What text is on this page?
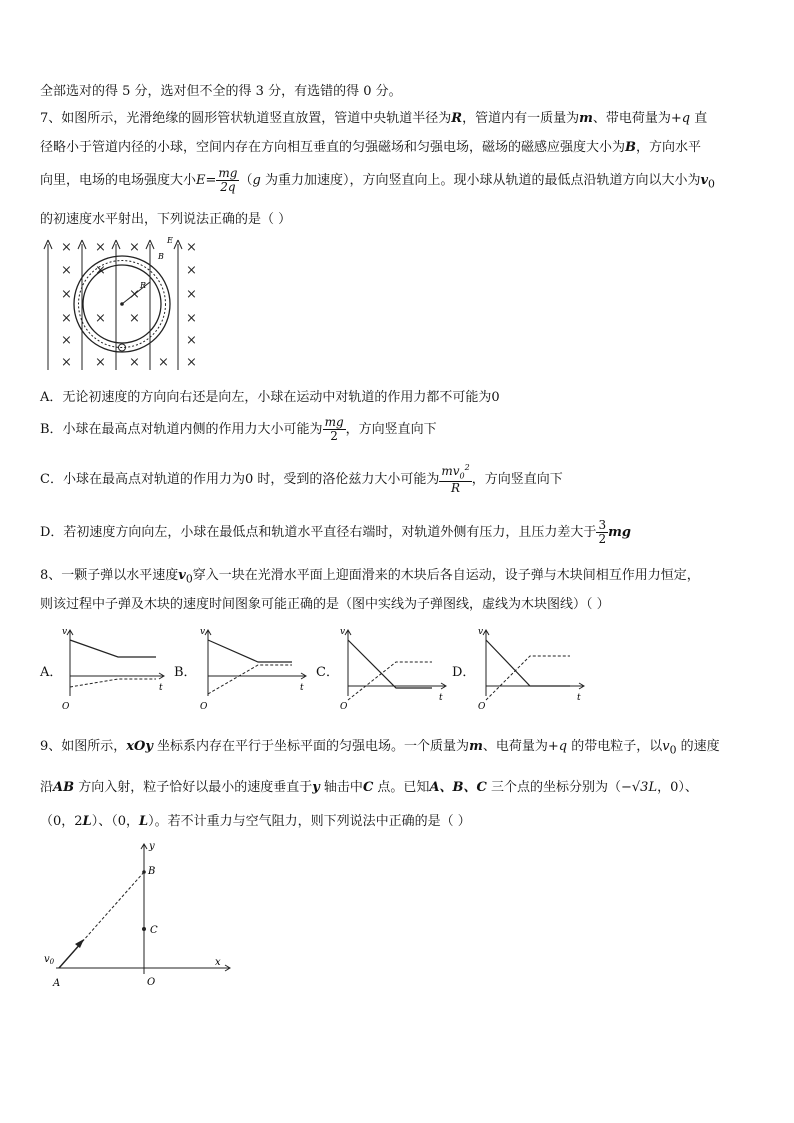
全部选对的得 5 分，选对但不全的得 3 分，有选错的得 0 分。
7、如图所示，光滑绝缘的圆形管状轨道竖直放置，管道中央轨道半径为R，管道内有一质量为m、带电荷量为+q 直
径略小于管道内径的小球，空间内存在方向相互垂直的匀强磁场和匀强电场，磁场的磁感应强度大小为B，方向水平
向里，电场的电场强度大小$E= \frac{mg}{2q} (g$ 为重力加速度），方向竖直向上。现小球从轨道的最低点沿轨道方向以大小为$v_0$
的初速度水平射出，下列说法正确的是（ ）
× × ×	×
×	×
×
×	×
×
×	×
× ×
×	×
× × × × ×
E
B
R
A．无论初速度的方向向右还是向左，小球在运动中对轨道的作用力都不可能为0
B．小球在最高点对轨道内侧的作用力大小可能为 $\frac{mg}{2}$ ，方向竖直向下
C．小球在最高点对轨道的作用力为0 时，受到的洛伦兹力大小可能为 $\frac{mv_0^2}{R}$ ，方向竖直向下
D．若初速度方向向左，小球在最低点和轨道水平直径右端时，对轨道外侧有压力，且压力差大于 $\frac{3}{2}$ mg
8、一颗子弹以水平速度$v_0$穿入一块在光滑水平面上迎面滑来的木块后各自运动，设子弹与木块间相互作用力恒定，
则该过程中子弹及木块的速度时间图象可能正确的是（图中实线为子弹图线，虚线为木块图线）（ ）
A．
v
t
O
B．
v
t
O
C．
v
t
O
D．
v
t
O
9、如图所示，xOy 坐标系内存在平行于坐标平面的匀强电场。一个质量为m、电荷量为+q 的带电粒子，以$v_0$ 的速度
沿AB 方向入射，粒子恰好以最小的速度垂直于y 轴击中C 点。已知A、B、C 三个点的坐标分别为（−√3L，0）、
（0，2L）、（0，L）。若不计重力与空气阻力，则下列说法中正确的是（ ）
y
x
B
C
O
A
$v_0$
